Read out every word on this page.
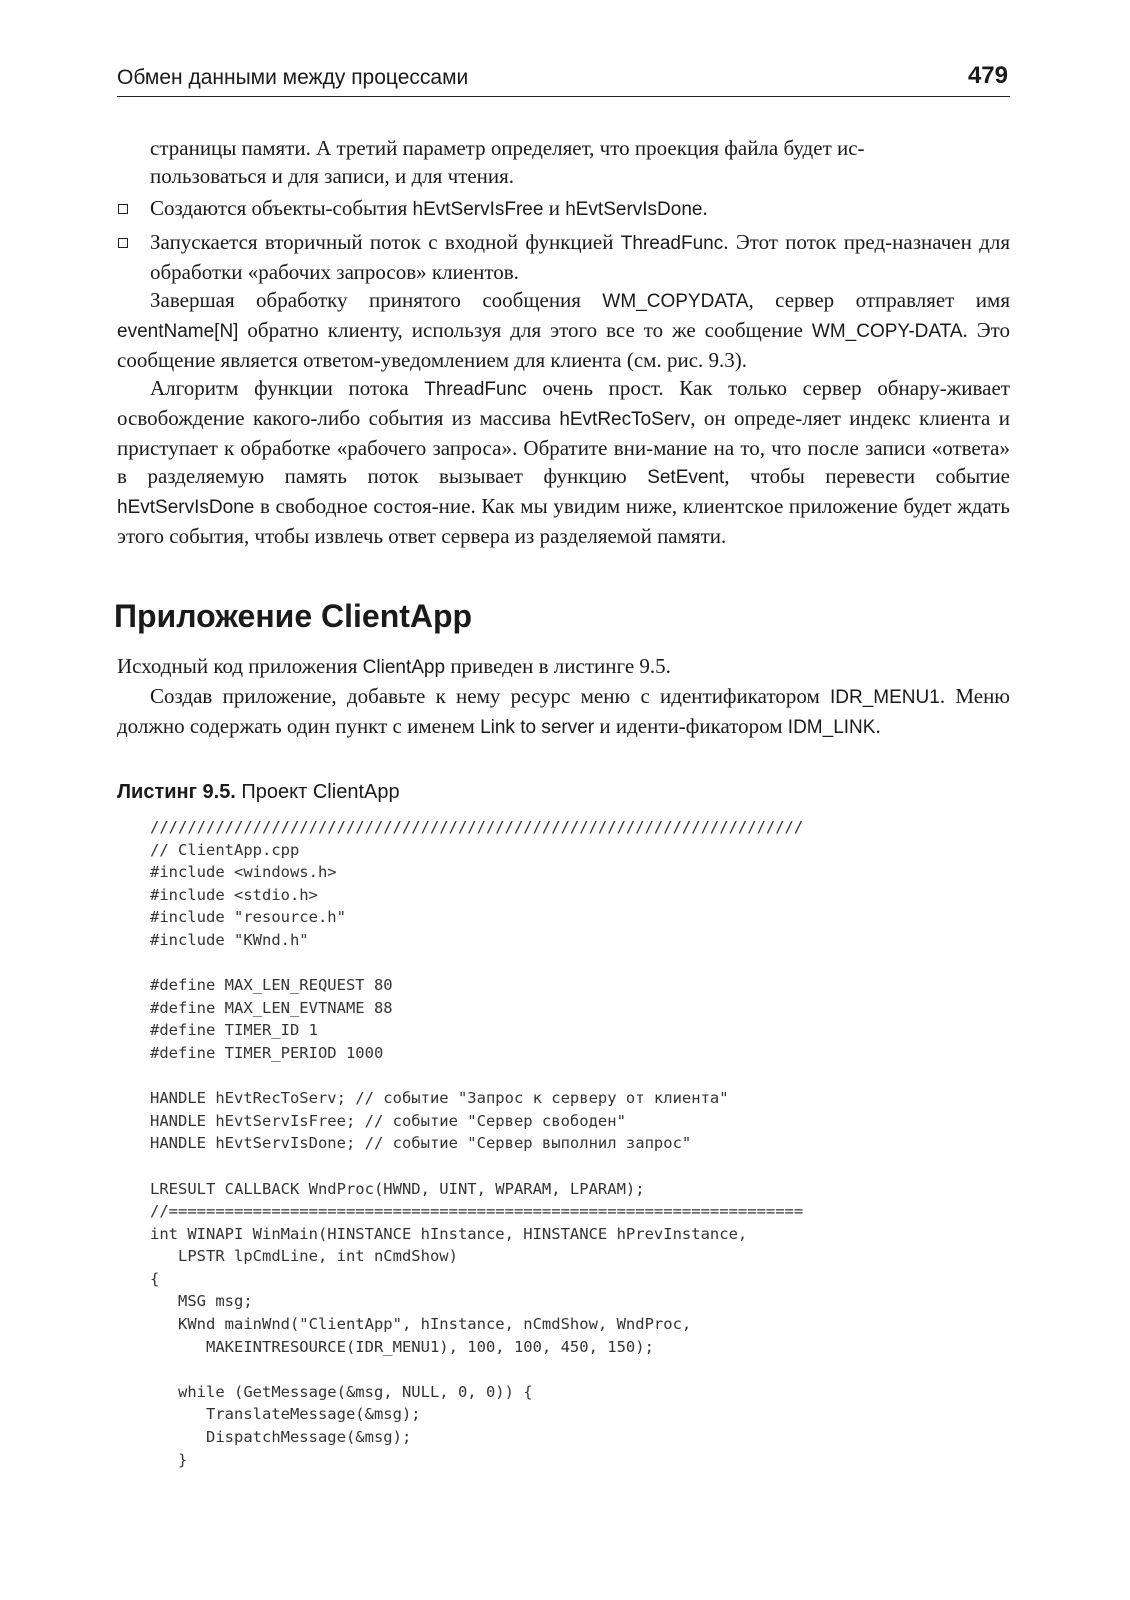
Обмен данными между процессами	479

страницы памяти. А третий параметр определяет, что проекция файла будет ис-
пользоваться и для записи, и для чтения.

Создаются объекты-события hEvtServIsFree и hEvtServIsDone.

Запускается вторичный поток с входной функцией ThreadFunc. Этот поток пред-назначен для обработки «рабочих запросов» клиентов.

Завершая обработку принятого сообщения WM_COPYDATA, сервер отправляет имя eventName[N] обратно клиенту, используя для этого все то же сообщение WM_COPY-DATA. Это сообщение является ответом-уведомлением для клиента (см. рис. 9.3).

Алгоритм функции потока ThreadFunc очень прост. Как только сервер обнару-живает освобождение какого-либо события из массива hEvtRecToServ, он опреде-ляет индекс клиента и приступает к обработке «рабочего запроса». Обратите вни-мание на то, что после записи «ответа» в разделяемую память поток вызывает функцию SetEvent, чтобы перевести событие hEvtServIsDone в свободное состоя-ние. Как мы увидим ниже, клиентское приложение будет ждать этого события, чтобы извлечь ответ сервера из разделяемой памяти.

Приложение ClientApp

Исходный код приложения ClientApp приведен в листинге 9.5.

Создав приложение, добавьте к нему ресурс меню с идентификатором IDR_MENU1. Меню должно содержать один пункт с именем Link to server и иденти-фикатором IDM_LINK.

Листинг 9.5. Проект ClientApp
//////////////////////////////////////////////////////////////////////
// ClientApp.cpp
#include <windows.h>
#include <stdio.h>
#include "resource.h"
#include "KWnd.h"
#define MAX_LEN_REQUEST 80
#define MAX_LEN_EVTNAME 88
#define TIMER_ID 1
#define TIMER_PERIOD 1000
HANDLE hEvtRecToServ; // событие "Запрос к серверу от клиента"
HANDLE hEvtServIsFree; // событие "Сервер свободен"
HANDLE hEvtServIsDone; // событие "Сервер выполнил запрос"
LRESULT CALLBACK WndProc(HWND, UINT, WPARAM, LPARAM);
//====================================================================
int WINAPI WinMain(HINSTANCE hInstance, HINSTANCE hPrevInstance,
LPSTR lpCmdLine, int nCmdShow)
{
MSG msg;
KWnd mainWnd("ClientApp", hInstance, nCmdShow, WndProc,
MAKEINTRESOURCE(IDR_MENU1), 100, 100, 450, 150);
while (GetMessage(&msg, NULL, 0, 0)) {
TranslateMessage(&msg);
DispatchMessage(&msg);
}
